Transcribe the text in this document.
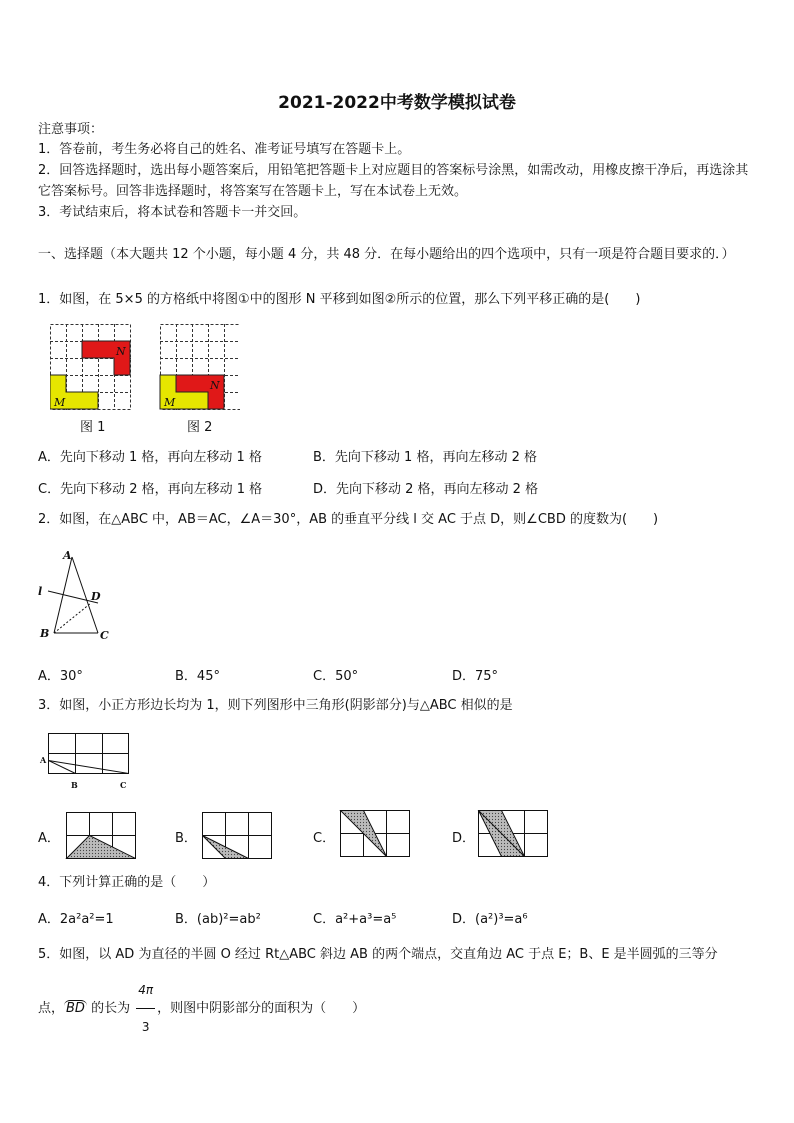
2021-2022中考数学模拟试卷
注意事项：
1．答卷前，考生务必将自己的姓名、准考证号填写在答题卡上。
2．回答选择题时，选出每小题答案后，用铅笔把答题卡上对应题目的答案标号涂黑，如需改动，用橡皮擦干净后，再选涂其它答案标号。回答非选择题时，将答案写在答题卡上，写在本试卷上无效。
3．考试结束后，将本试卷和答题卡一并交回。
一、选择题（本大题共 12 个小题，每小题 4 分，共 48 分．在每小题给出的四个选项中，只有一项是符合题目要求的．）
1．如图，在 5×5 的方格纸中将图①中的图形 N 平移到如图②所示的位置，那么下列平移正确的是(　　)
N
M
N
M
图 1	图 2
A．先向下移动 1 格，再向左移动 1 格	B．先向下移动 1 格，再向左移动 2 格
C．先向下移动 2 格，再向左移动 1 格	D．先向下移动 2 格，再向左移动 2 格
2．如图，在△ABC 中，AB＝AC，∠A＝30°，AB 的垂直平分线 l 交 AC 于点 D，则∠CBD 的度数为(　　)
A
l	D
B	C
A．30°	B．45°	C．50°	D．75°
3．如图，小正方形边长均为 1，则下列图形中三角形(阴影部分)与△ABC 相似的是
A
B	C
A．	B．	C．	D．
4．下列计算正确的是（　　）
A．2a²a²=1	B．(ab)²=ab²	C．a²+a³=a⁵	D．(a²)³=a⁶
5．如图，以 AD 为直径的半圆 O 经过 Rt△ABC 斜边 AB 的两个端点，交直角边 AC 于点 E；B、E 是半圆弧的三等分
点， BD 的长为 $\frac{4\pi}{3}$ ，则图中阴影部分的面积为（　　）
